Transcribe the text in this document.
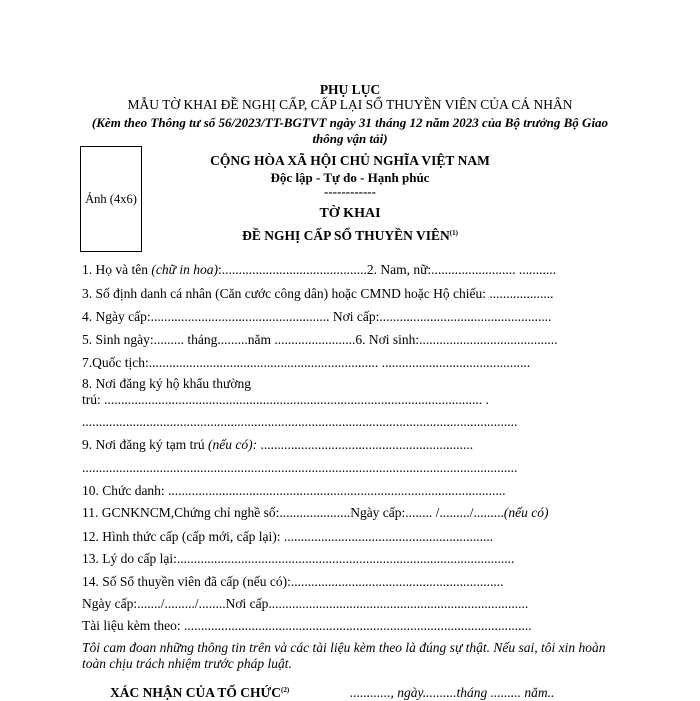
PHỤ LỤC
MẪU TỜ KHAI ĐỀ NGHỊ CẤP, CẤP LẠI SỔ THUYỀN VIÊN CỦA CÁ NHÂN
(Kèm theo Thông tư số 56/2023/TT-BGTVT ngày 31 tháng 12 năm 2023 của Bộ trưởng Bộ Giao
thông vận tải)
Ảnh (4x6)
CỘNG HÒA XÃ HỘI CHỦ NGHĨA VIỆT NAM
Độc lập - Tự do - Hạnh phúc
------------
TỜ KHAI
ĐỀ NGHỊ CẤP SỔ THUYỀN VIÊN$^{(1)}$
1. Họ và tên (chữ in hoa):...........................................2. Nam, nữ:......................... ...........
3. Số định danh cá nhân (Căn cước công dân) hoặc CMND hoặc Hộ chiếu: ...................
4. Ngày cấp:..................................................... Nơi cấp:...................................................
5. Sinh ngày:......... tháng.........năm ........................6. Nơi sinh:.........................................
7.Quốc tịch:.................................................................... ............................................
8. Nơi đăng ký hộ khẩu thường
trú: ................................................................................................................ .
.................................................................................................................................
9. Nơi đăng ký tạm trú (nếu có): ...............................................................
.................................................................................................................................
10. Chức danh: ....................................................................................................
11. GCNKNCM,Chứng chỉ nghề số:.....................Ngày cấp:........ /........./.........(nếu có)
12. Hình thức cấp (cấp mới, cấp lại): ..............................................................
13. Lý do cấp lại:....................................................................................................
14. Số Sổ thuyền viên đã cấp (nếu có):...............................................................
Ngày cấp:......./........./........Nơi cấp.............................................................................
Tài liệu kèm theo: .......................................................................................................
Tôi cam đoan những thông tin trên và các tài liệu kèm theo là đúng sự thật. Nếu sai, tôi xin hoàn
toàn chịu trách nhiệm trước pháp luật.
XÁC NHẬN CỦA TỔ CHỨC$^{(2)}$	............, ngày..........tháng ......... năm..
